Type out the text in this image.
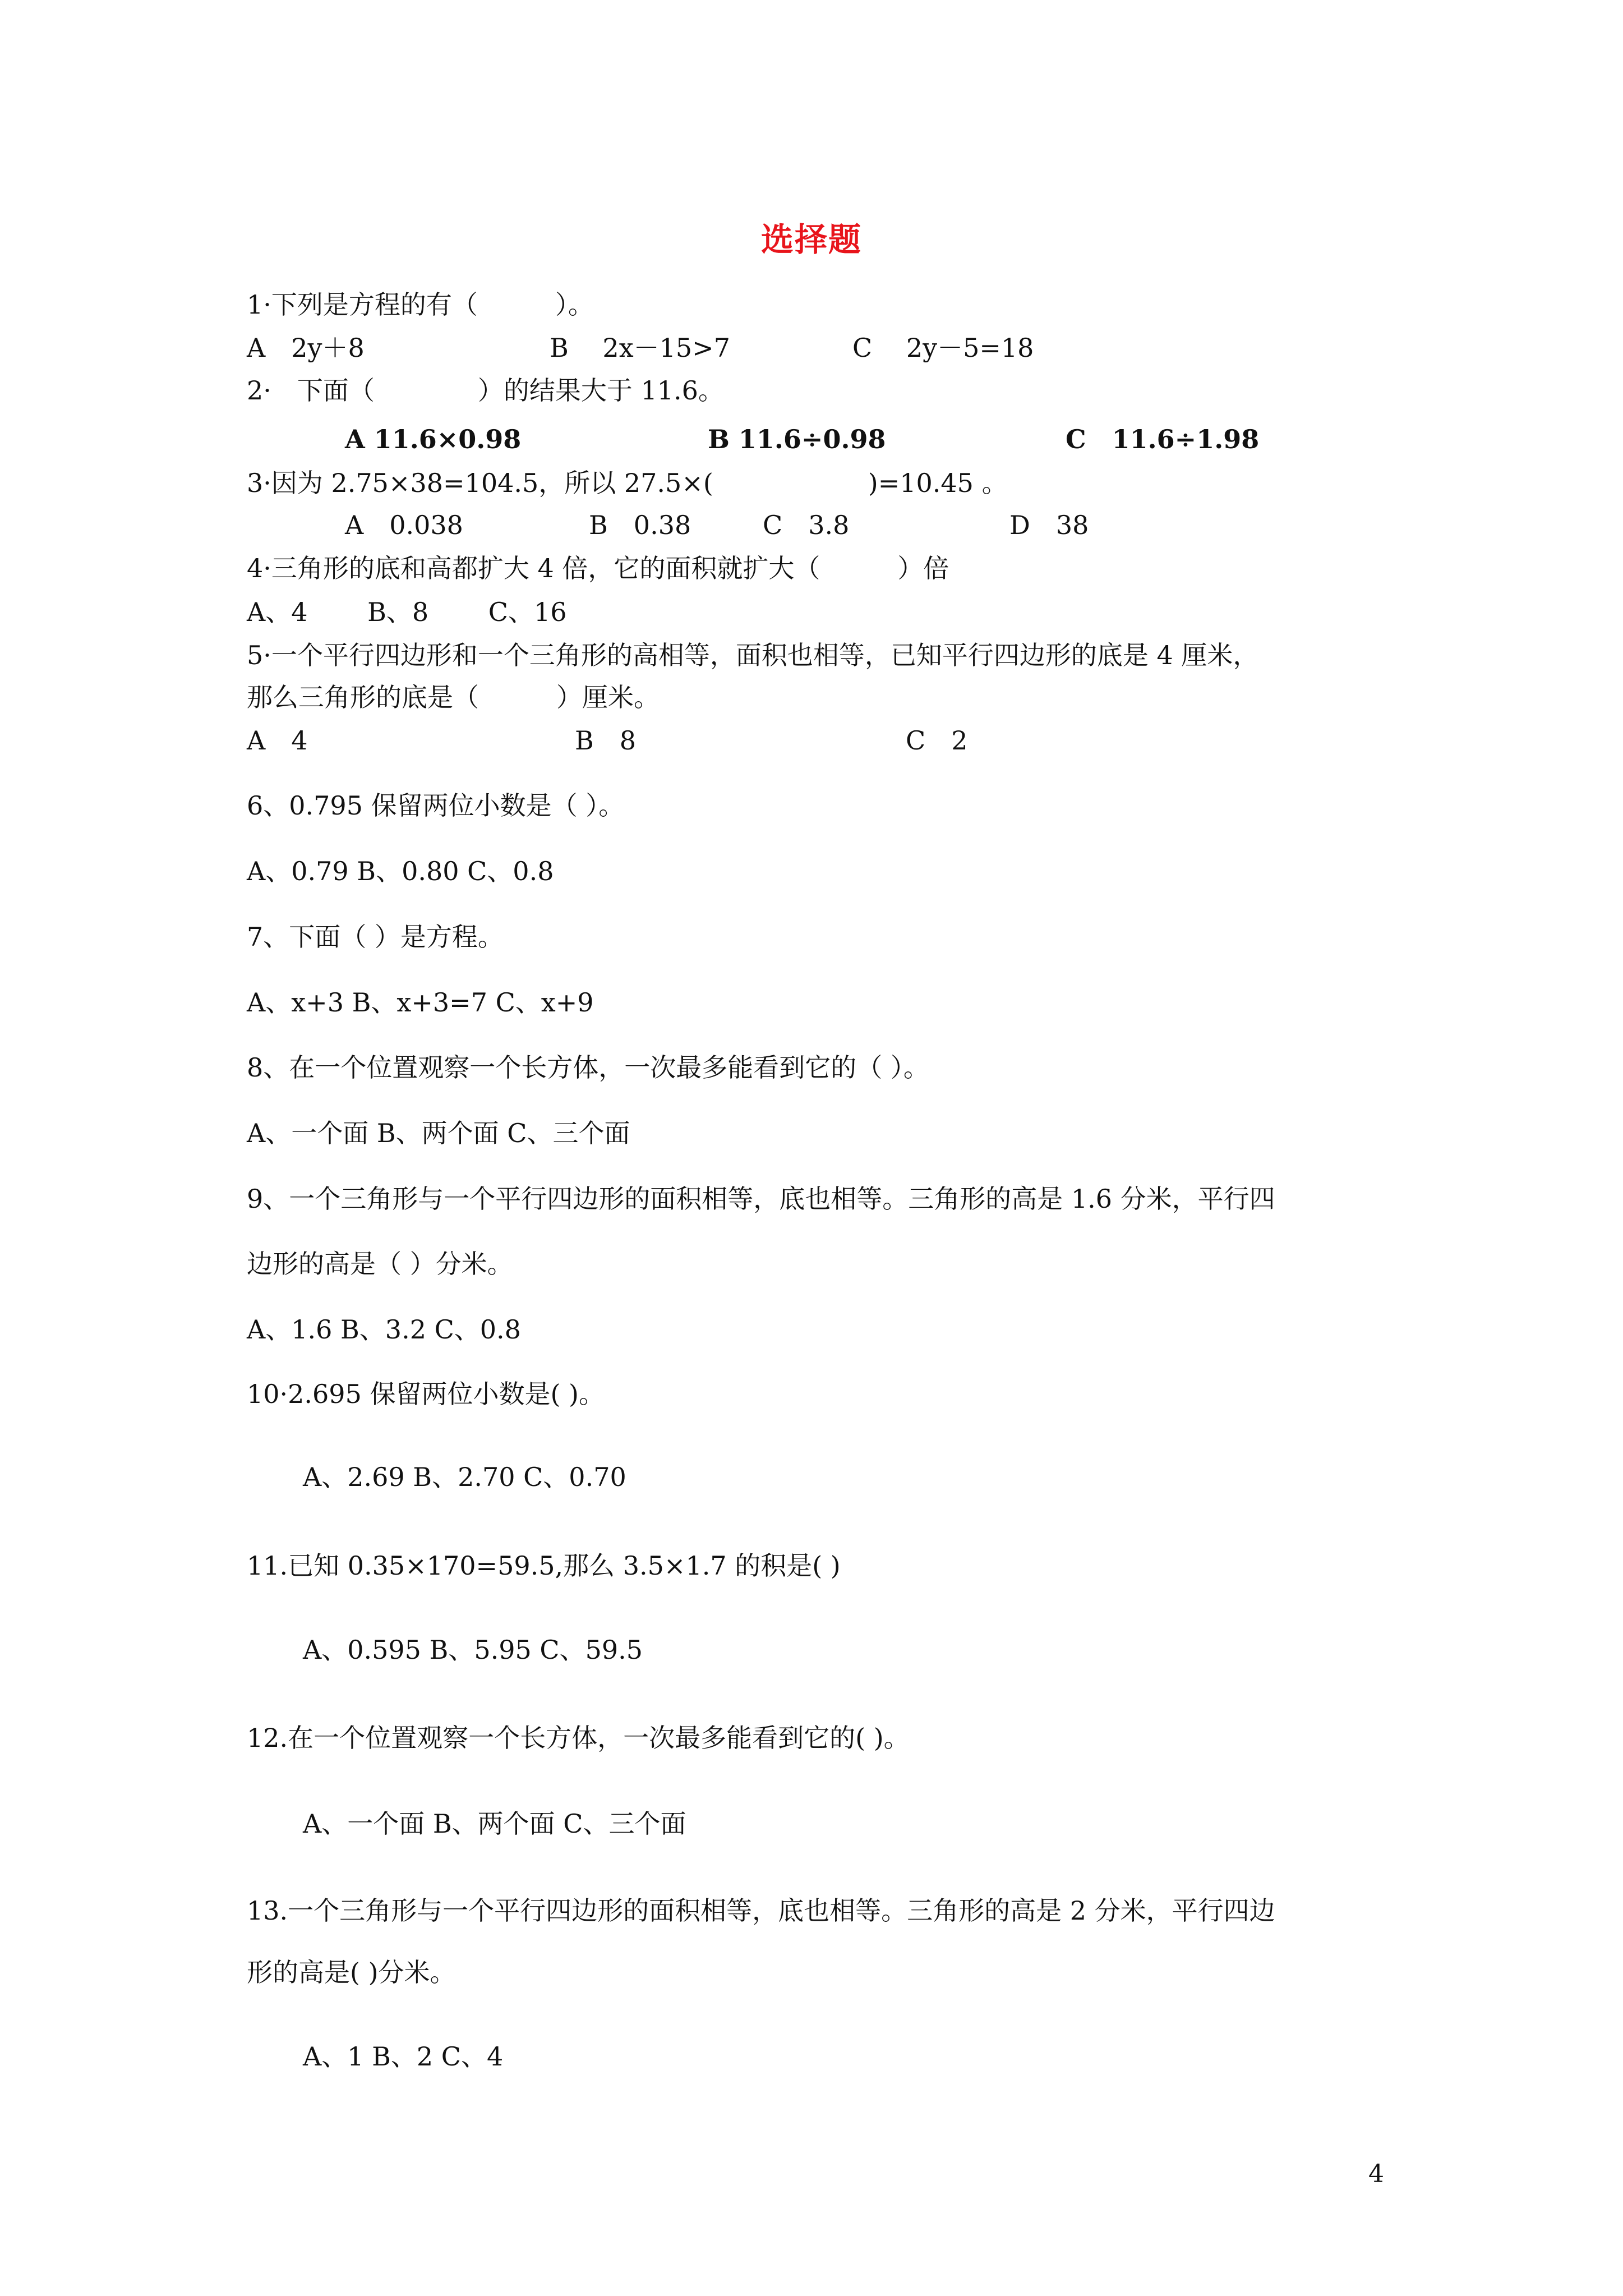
选择题
1·下列是方程的有（　　　）。
A　2y＋8	B　 2x－15>7	C　 2y－5=18
2·　下面（　　　　）的结果大于 11.6。
A 11.6×0.98	B 11.6÷0.98	C　11.6÷1.98
3·因为 2.75×38=104.5，所以 27.5×(　　　　　　)=10.45 。
A　0.038	B　0.38	C　3.8	D　38
4·三角形的底和高都扩大 4 倍，它的面积就扩大（　　　）倍
A、4　　 B、8　　 C、16
5·一个平行四边形和一个三角形的高相等，面积也相等，已知平行四边形的底是 4 厘米，
那么三角形的底是（　　　）厘米。
A　4	B　8	C　2
6、0.795 保留两位小数是（ ）。
A、0.79 B、0.80 C、0.8
7、下面（ ）是方程。
A、x+3 B、x+3=7 C、x+9
8、在一个位置观察一个长方体，一次最多能看到它的（ ）。
A、一个面 B、两个面 C、三个面
9、一个三角形与一个平行四边形的面积相等，底也相等。三角形的高是 1.6 分米，平行四
边形的高是（ ）分米。
A、1.6 B、3.2 C、0.8
10·2.695 保留两位小数是( )。
A、2.69 B、2.70 C、0.70
11.已知 0.35×170=59.5,那么 3.5×1.7 的积是( )
A、0.595 B、5.95 C、59.5
12.在一个位置观察一个长方体，一次最多能看到它的( )。
A、一个面 B、两个面 C、三个面
13.一个三角形与一个平行四边形的面积相等，底也相等。三角形的高是 2 分米，平行四边
形的高是( )分米。
A、1 B、2 C、4
4
